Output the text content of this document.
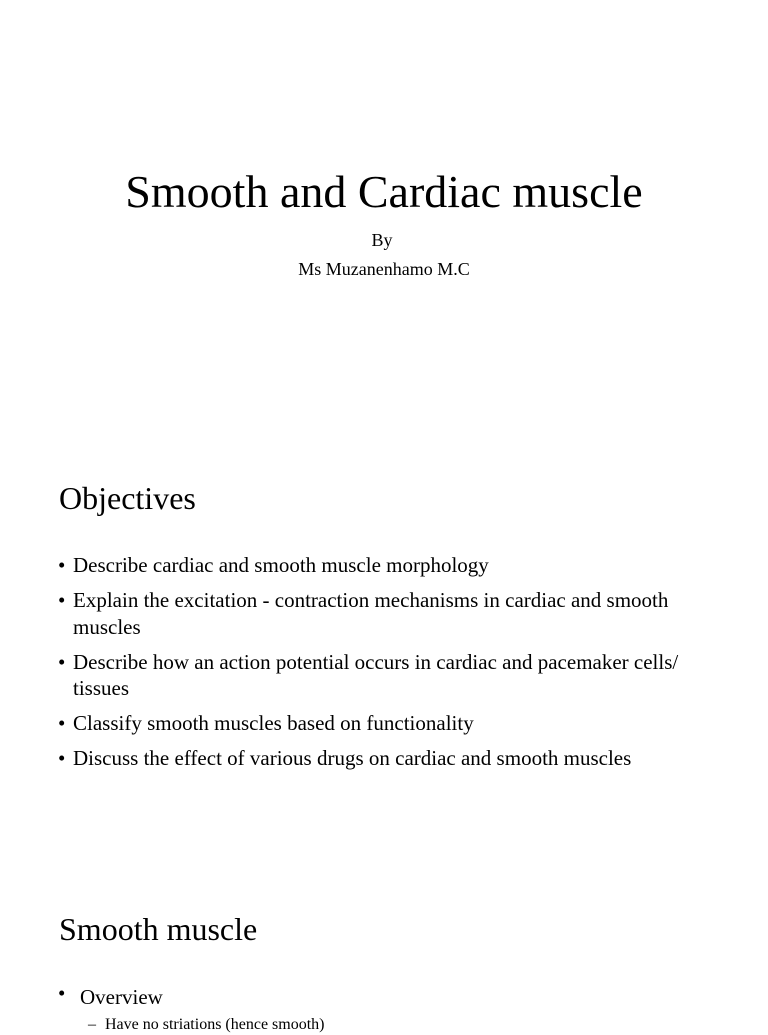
Smooth and Cardiac muscle

By

Ms Muzanenhamo M.C

Objectives
• Describe cardiac and smooth muscle morphology
• Explain the excitation - contraction mechanisms in cardiac and smooth muscles
• Describe how an action potential occurs in cardiac and pacemaker cells/ tissues
• Classify smooth muscles based on functionality
• Discuss the effect of various drugs on cardiac and smooth muscles
Smooth muscle

• Overview

– Have no striations (hence smooth)
